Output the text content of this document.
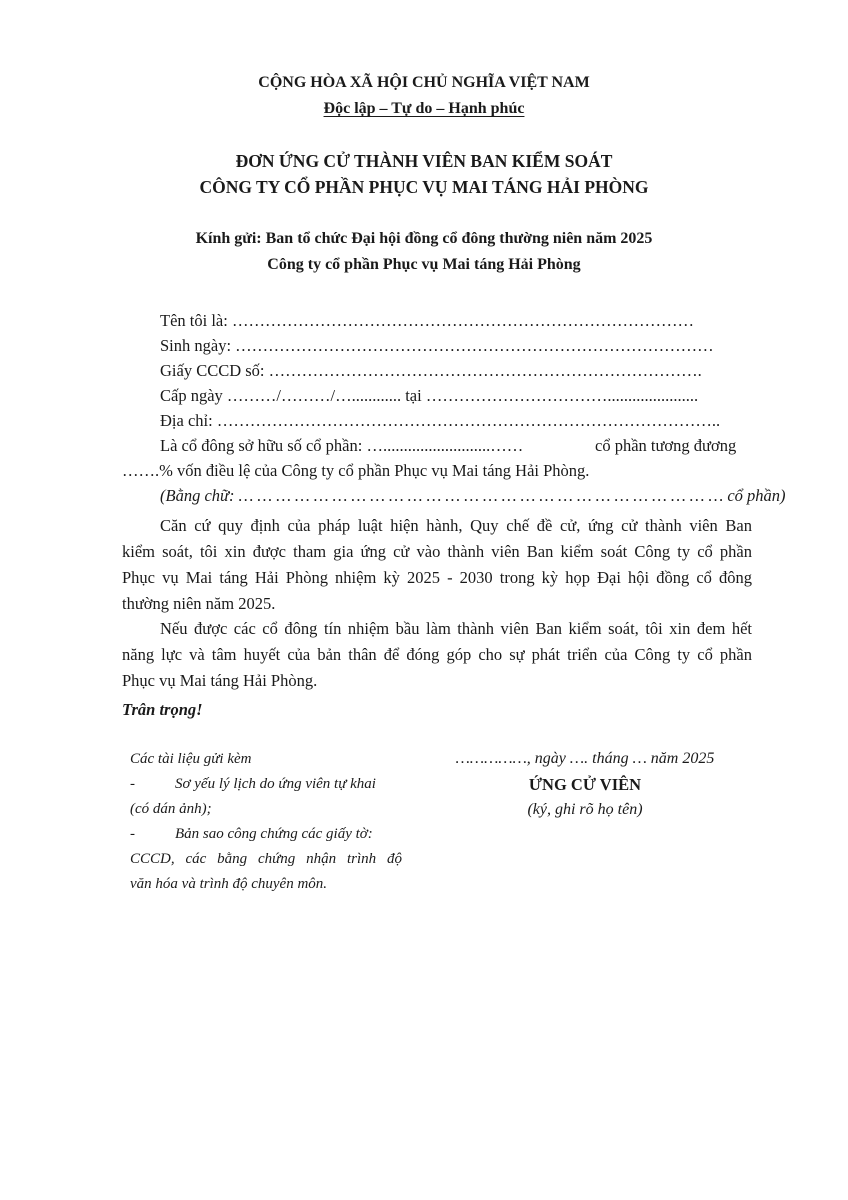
CỘNG HÒA XÃ HỘI CHỦ NGHĨA VIỆT NAM
Độc lập – Tự do – Hạnh phúc
ĐƠN ỨNG CỬ THÀNH VIÊN BAN KIỂM SOÁT
CÔNG TY CỔ PHẦN PHỤC VỤ MAI TÁNG HẢI PHÒNG
Kính gửi: Ban tổ chức Đại hội đồng cổ đông thường niên năm 2025
Công ty cổ phần Phục vụ Mai táng Hải Phòng
Tên tôi là: …………………………………………………………………………
Sinh ngày: ……………………………………………………………………………
Giấy CCCD số: …………………………………………………………………….
Cấp ngày ………/………/…............ tại ……………………………......................
Địa chỉ: ………………………………………………………………………………..
Là cổ đông sở hữu số cổ phần: …..........................……	cổ phần tương đương
…….% vốn điều lệ của Công ty cổ phần Phục vụ Mai táng Hải Phòng.
(Bằng chữ: … … … … … … … … … … … … … … … … … … … … … … … … … … cổ phần)
Căn cứ quy định của pháp luật hiện hành, Quy chế đề cử, ứng cử thành viên Ban
kiểm soát, tôi xin được tham gia ứng cử vào thành viên Ban kiểm soát Công ty cổ phần
Phục vụ Mai táng Hải Phòng nhiệm kỳ 2025 - 2030 trong kỳ họp Đại hội đồng cổ đông
thường niên năm 2025.
Nếu được các cổ đông tín nhiệm bầu làm thành viên Ban kiểm soát, tôi xin đem hết
năng lực và tâm huyết của bản thân để đóng góp cho sự phát triển của Công ty cổ phần
Phục vụ Mai táng Hải Phòng.
Trân trọng!
Các tài liệu gửi kèm
-	Sơ yếu lý lịch do ứng viên tự khai
(có dán ảnh);
-	Bản sao công chứng các giấy tờ:
CCCD, các bằng chứng nhận trình độ
văn hóa và trình độ chuyên môn.
……………, ngày …. tháng … năm 2025
ỨNG CỬ VIÊN
(ký, ghi rõ họ tên)
